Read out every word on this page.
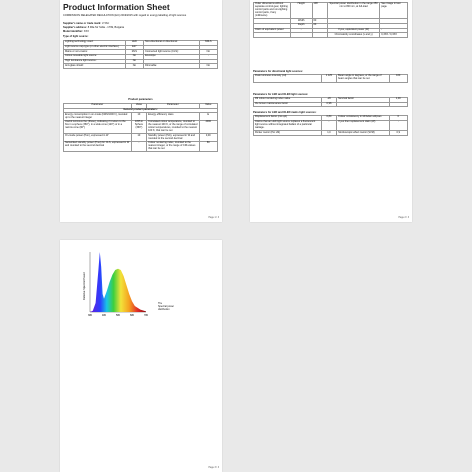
Product Information Sheet
COMMISSION DELEGATED REGULATION (EU) 2019/2015 with regard to energy labelling of light sources
Supplier's name or trade mark: V-TAC
Supplier's address: 8 Rila Str Sofia - 1799, Bulgaria
Model identifier: XXX
Type of light source:
Lighting technology used:	LED	Non-directional or directional:	NDLS
Light source cap-type (or other electric interface)	E27		
Mains or non-mains:	MLS	Connected light source (CLS):	No
Colour-tuneable light source:	No	Envelope:	-
High luminance light source:	No		
Anti-glare shield:	No	Dimmable:	No
Product parameters
Parameter	Value	Parameter	Value
General product parameters:			
Energy consumption in on-mode (kWh/1000 h), rounded up to the nearest integer	10	Energy efficiency class	E
Useful luminous flux (Φuse), indicating if it refers to the flux in a sphere (360°), in a wide cone (120°) or in a narrow cone (90°)	1055 in Sphere (360°)	Correlated colour temperature, rounded to the nearest 100 K, or the range of correlated colour temperatures, rounded to the nearest 100 K, that can be set	4000
On-mode power (Pon), expressed in W	10	Standby power (Psb), expressed in W and rounded to the second decimal	0,00
Networked standby power (Pnet) for CLS, expressed in W and rounded to the second decimal	-	Colour rendering index, rounded to the nearest integer, or the range of CRI-values that can be set	80
Page 1 / 3
Outer dimensions without separate control gear, lighting control parts and non-lighting control parts, if any (millimetre)	Height	108	Spectral power distribution in the range 250 nm to 800 nm, at full-load	See image in last page
	Width	60		
	Depth	60		
Claim of equivalent power	-		If yes, equivalent power (W)	-
			Chromaticity coordinates (x and y)	0,3XX / 0,3XX
Parameters for directional light sources:
Peak luminous intensity (cd)	1 125	Beam angle in degrees, or the range of beam angles that can be set	160
Parameters for LED and OLED light sources:
R9 colour rendering index value	-20	Survival factor	1,00
the lumen maintenance factor	0,98		
Parameters for LED and OLED mains light sources:
Displacement factor (cos φ1)	0,80	Colour consistency in McAdam ellipses	6
Claims that an LED light source replaces a fluorescent light source without integrated ballast of a particular wattage.	-	If yes then replacement claim (W)	-
Flicker metric (Pst LM)	1,0	Stroboscopic effect metric (SVM)	0,9
Page 2 / 3
Relative Spectral Power
380	480	580	680	780
The
Spectral power
distribution
Page 3 / 3
